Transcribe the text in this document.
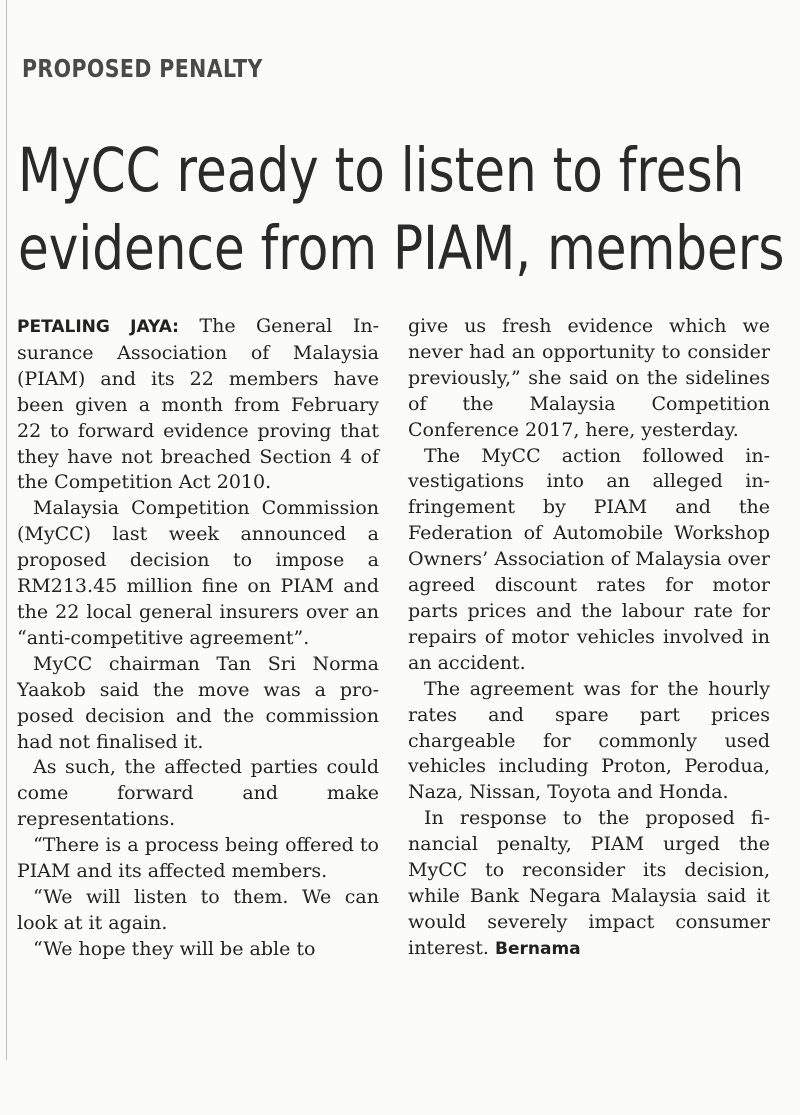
PROPOSED PENALTY
MyCC ready to listen to fresh
evidence from PIAM, members

PETALING JAYA: The General Insurance Association of Malaysia (PIAM) and its 22 members have been given a month from February 22 to forward evidence proving that they have not breached Section 4 of the Competition Act 2010.

Malaysia Competition Commission (MyCC) last week announced a proposed decision to impose a RM213.45 million fine on PIAM and the 22 local general insurers over an “anti-competitive agreement”.

MyCC chairman Tan Sri Norma Yaakob said the move was a proposed decision and the commission had not finalised it.

As such, the affected parties could come forward and make representations.

“There is a process being offered to PIAM and its affected members.

“We will listen to them. We can look at it again.

“We hope they will be able to

give us fresh evidence which we never had an opportunity to consider previously,” she said on the sidelines of the Malaysia Competition Conference 2017, here, yesterday.

The MyCC action followed investigations into an alleged infringement by PIAM and the Federation of Automobile Workshop Owners’ Association of Malaysia over agreed discount rates for motor parts prices and the labour rate for repairs of motor vehicles involved in an accident.

The agreement was for the hourly rates and spare part prices chargeable for commonly used vehicles including Proton, Perodua, Naza, Nissan, Toyota and Honda.

In response to the proposed financial penalty, PIAM urged the MyCC to reconsider its decision, while Bank Negara Malaysia said it would severely impact consumer interest. Bernama
